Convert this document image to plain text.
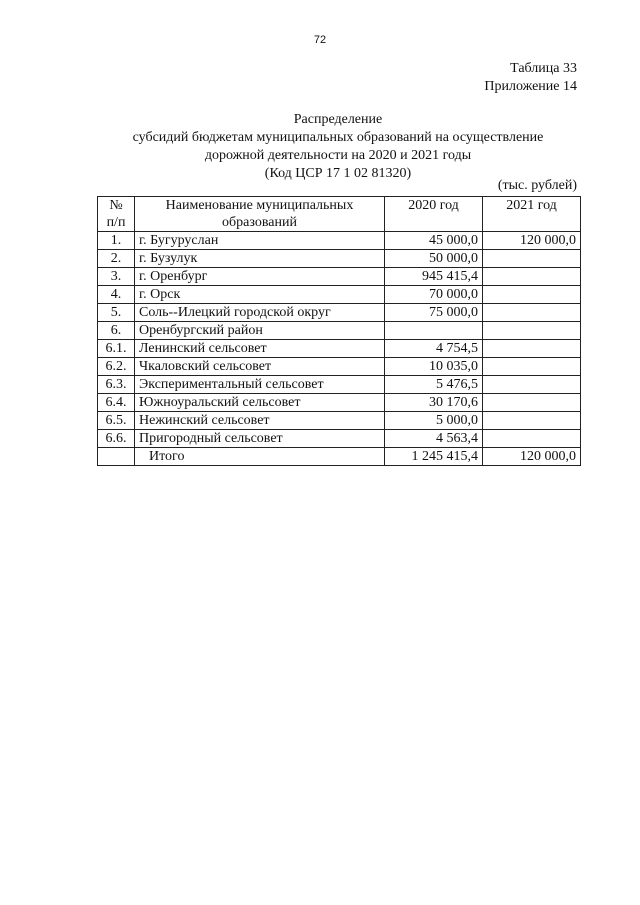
72
Таблица 33
Приложение 14
Распределение
субсидий бюджетам муниципальных образований на осуществление
дорожной деятельности на 2020 и 2021 годы
(Код ЦСР 17 1 02 81320)
(тыс. рублей)
№ п/п	Наименование муниципальных образований	2020 год	2021 год
1.	г. Бугуруслан	45 000,0	120 000,0
2.	г. Бузулук	50 000,0	
3.	г. Оренбург	945 415,4	
4.	г. Орск	70 000,0	
5.	Соль--Илецкий городской округ	75 000,0	
6.	Оренбургский район		
6.1.	Ленинский сельсовет	4 754,5	
6.2.	Чкаловский сельсовет	10 035,0	
6.3.	Экспериментальный сельсовет	5 476,5	
6.4.	Южноуральский сельсовет	30 170,6	
6.5.	Нежинский сельсовет	5 000,0	
6.6.	Пригородный сельсовет	4 563,4	
	Итого	1 245 415,4	120 000,0
